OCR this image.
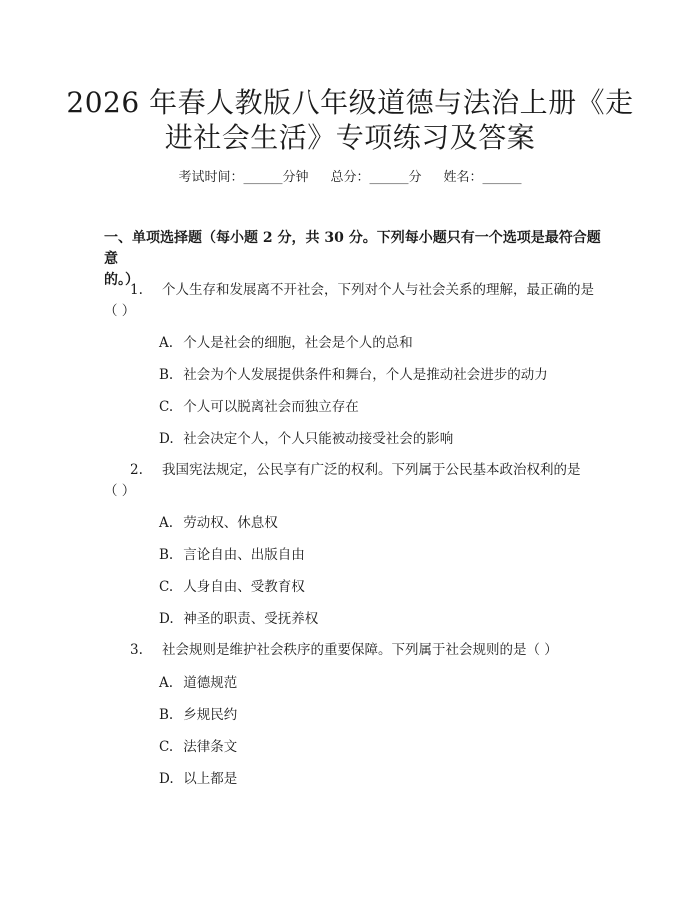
2026 年春人教版八年级道德与法治上册《走
进社会生活》专项练习及答案
考试时间：______分钟 总分：______分 姓名：______
一、单项选择题（每小题 2 分，共 30 分。下列每小题只有一个选项是最符合题意
的。）
1. 个人生存和发展离不开社会，下列对个人与社会关系的理解，最正确的是
（ ）
A. 个人是社会的细胞，社会是个人的总和
B. 社会为个人发展提供条件和舞台，个人是推动社会进步的动力
C. 个人可以脱离社会而独立存在
D. 社会决定个人，个人只能被动接受社会的影响
2. 我国宪法规定，公民享有广泛的权利。下列属于公民基本政治权利的是
（ ）
A. 劳动权、休息权
B. 言论自由、出版自由
C. 人身自由、受教育权
D. 神圣的职责、受抚养权
3. 社会规则是维护社会秩序的重要保障。下列属于社会规则的是（ ）
A. 道德规范
B. 乡规民约
C. 法律条文
D. 以上都是
